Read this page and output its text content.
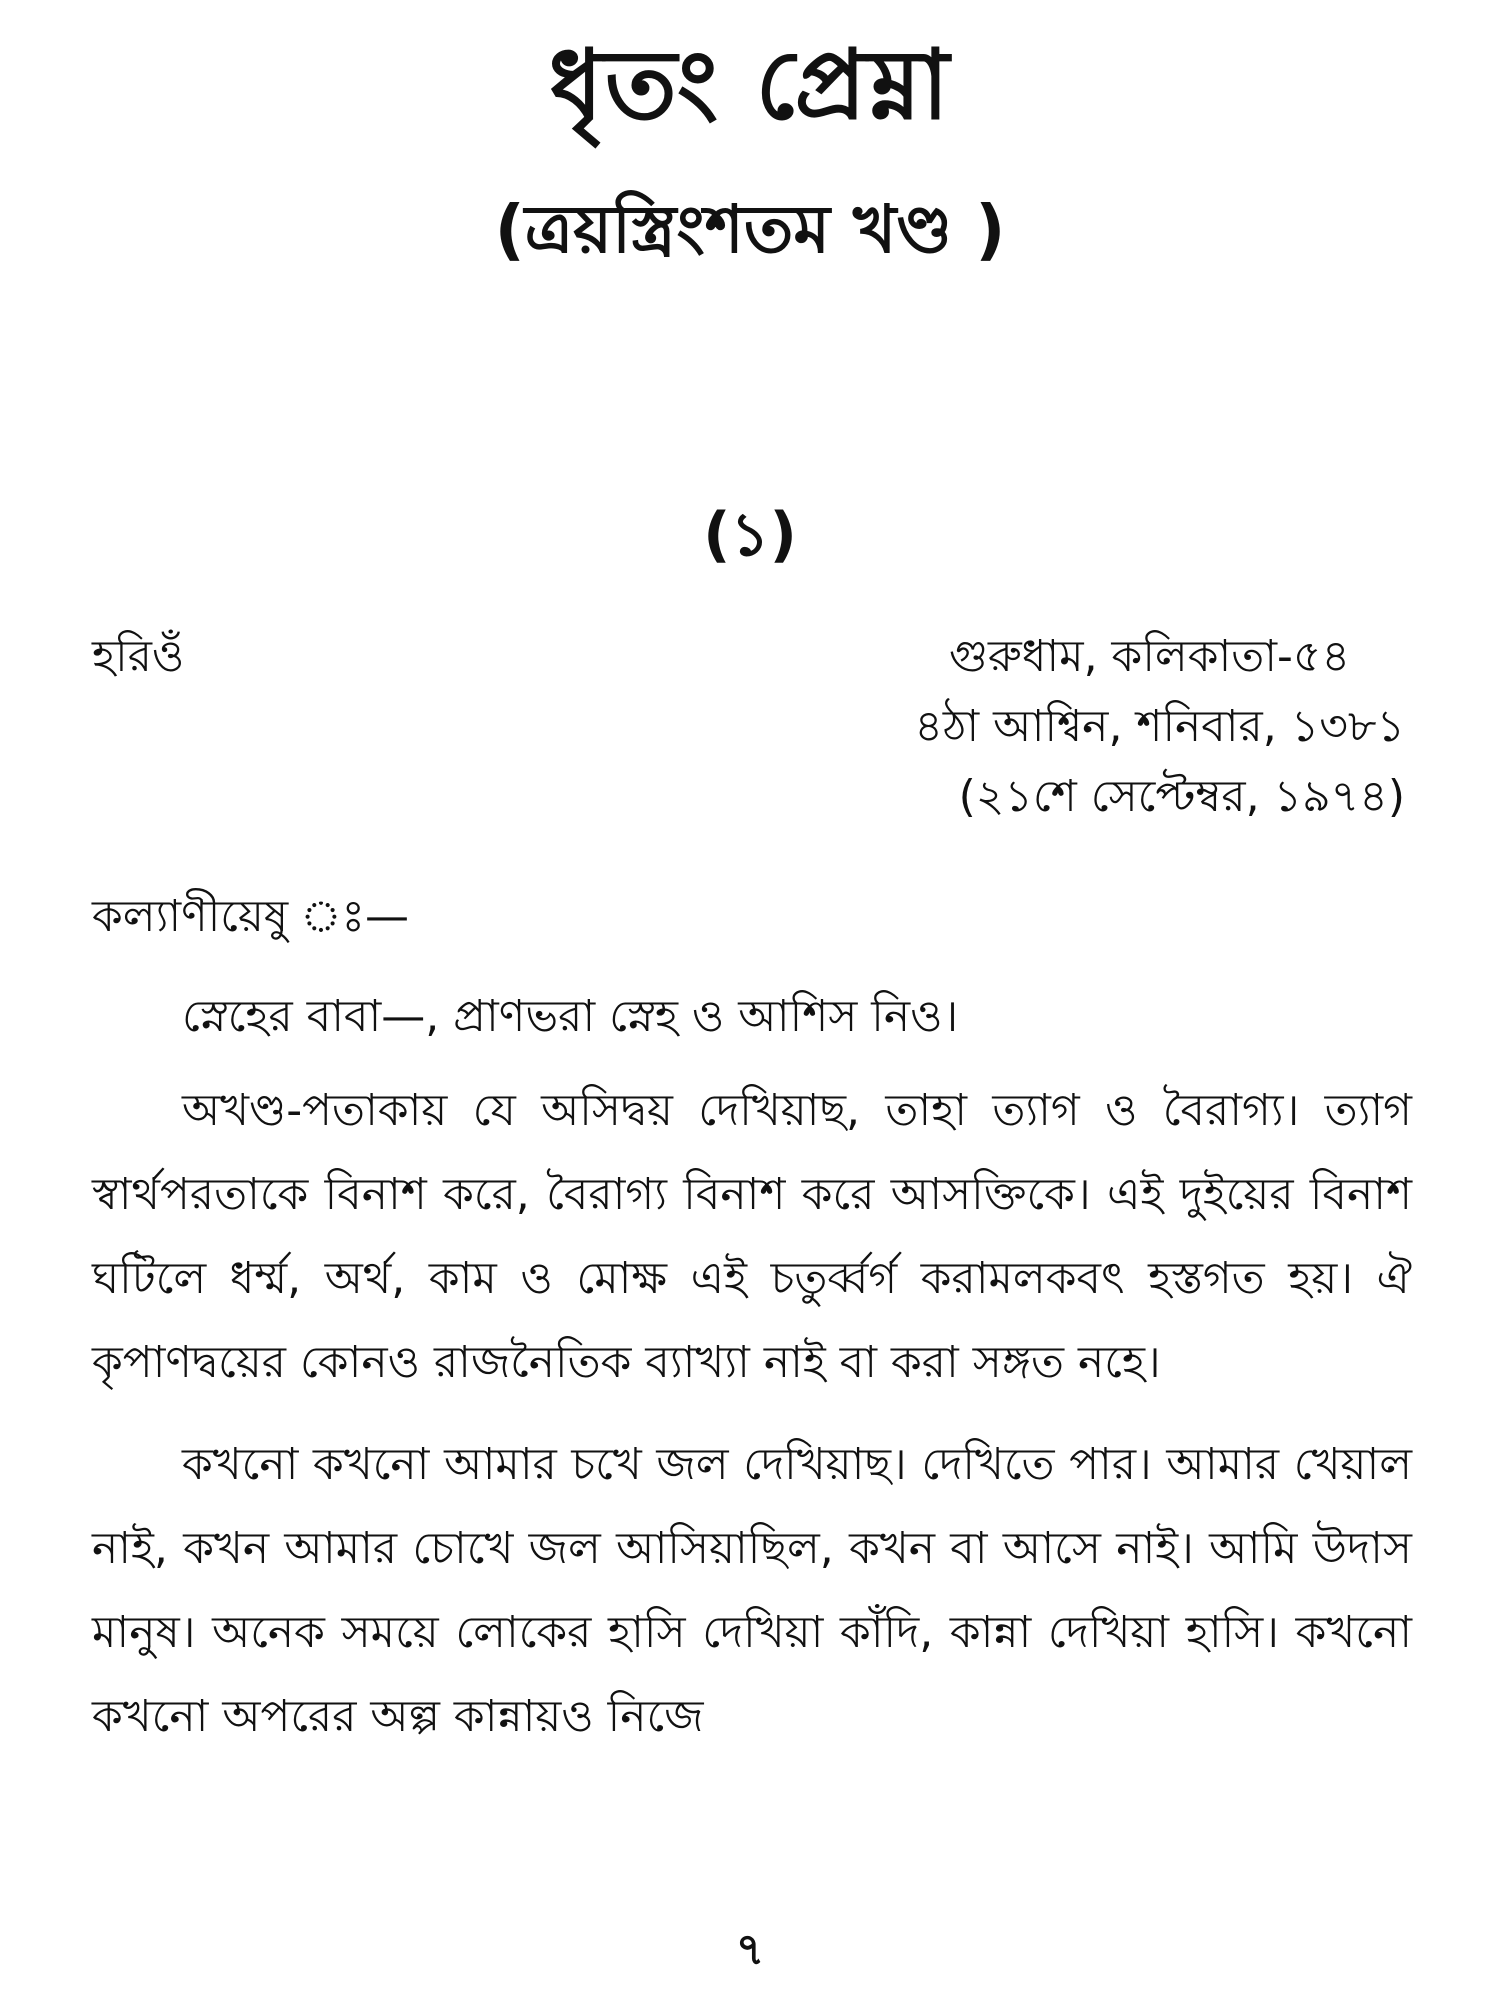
ধৃতং প্রেম্না
(ত্রয়স্ত্রিংশতম খণ্ড )
(১)
হরিওঁ	গুরুধাম, কলিকাতা-৫৪
৪ঠা আশ্বিন, শনিবার, ১৩৮১
(২১শে সেপ্টেম্বর, ১৯৭৪)
কল্যাণীয়েষু ঃ—

স্নেহের বাবা—, প্রাণভরা স্নেহ ও আশিস নিও।

অখণ্ড-পতাকায় যে অসিদ্বয় দেখিয়াছ, তাহা ত্যাগ ও বৈরাগ্য। ত্যাগ স্বার্থপরতাকে বিনাশ করে, বৈরাগ্য বিনাশ করে আসক্তিকে। এই দুইয়ের বিনাশ ঘটিলে ধর্ম্ম, অর্থ, কাম ও মোক্ষ এই চতুর্ব্বর্গ করামলকবৎ হস্তগত হয়। ঐ কৃপাণদ্বয়ের কোনও রাজনৈতিক ব্যাখ্যা নাই বা করা সঙ্গত নহে।

কখনো কখনো আমার চখে জল দেখিয়াছ। দেখিতে পার। আমার খেয়াল নাই, কখন আমার চোখে জল আসিয়াছিল, কখন বা আসে নাই। আমি উদাস মানুষ। অনেক সময়ে লোকের হাসি দেখিয়া কাঁদি, কান্না দেখিয়া হাসি। কখনো কখনো অপরের অল্প কান্নায়ও নিজে

৭
